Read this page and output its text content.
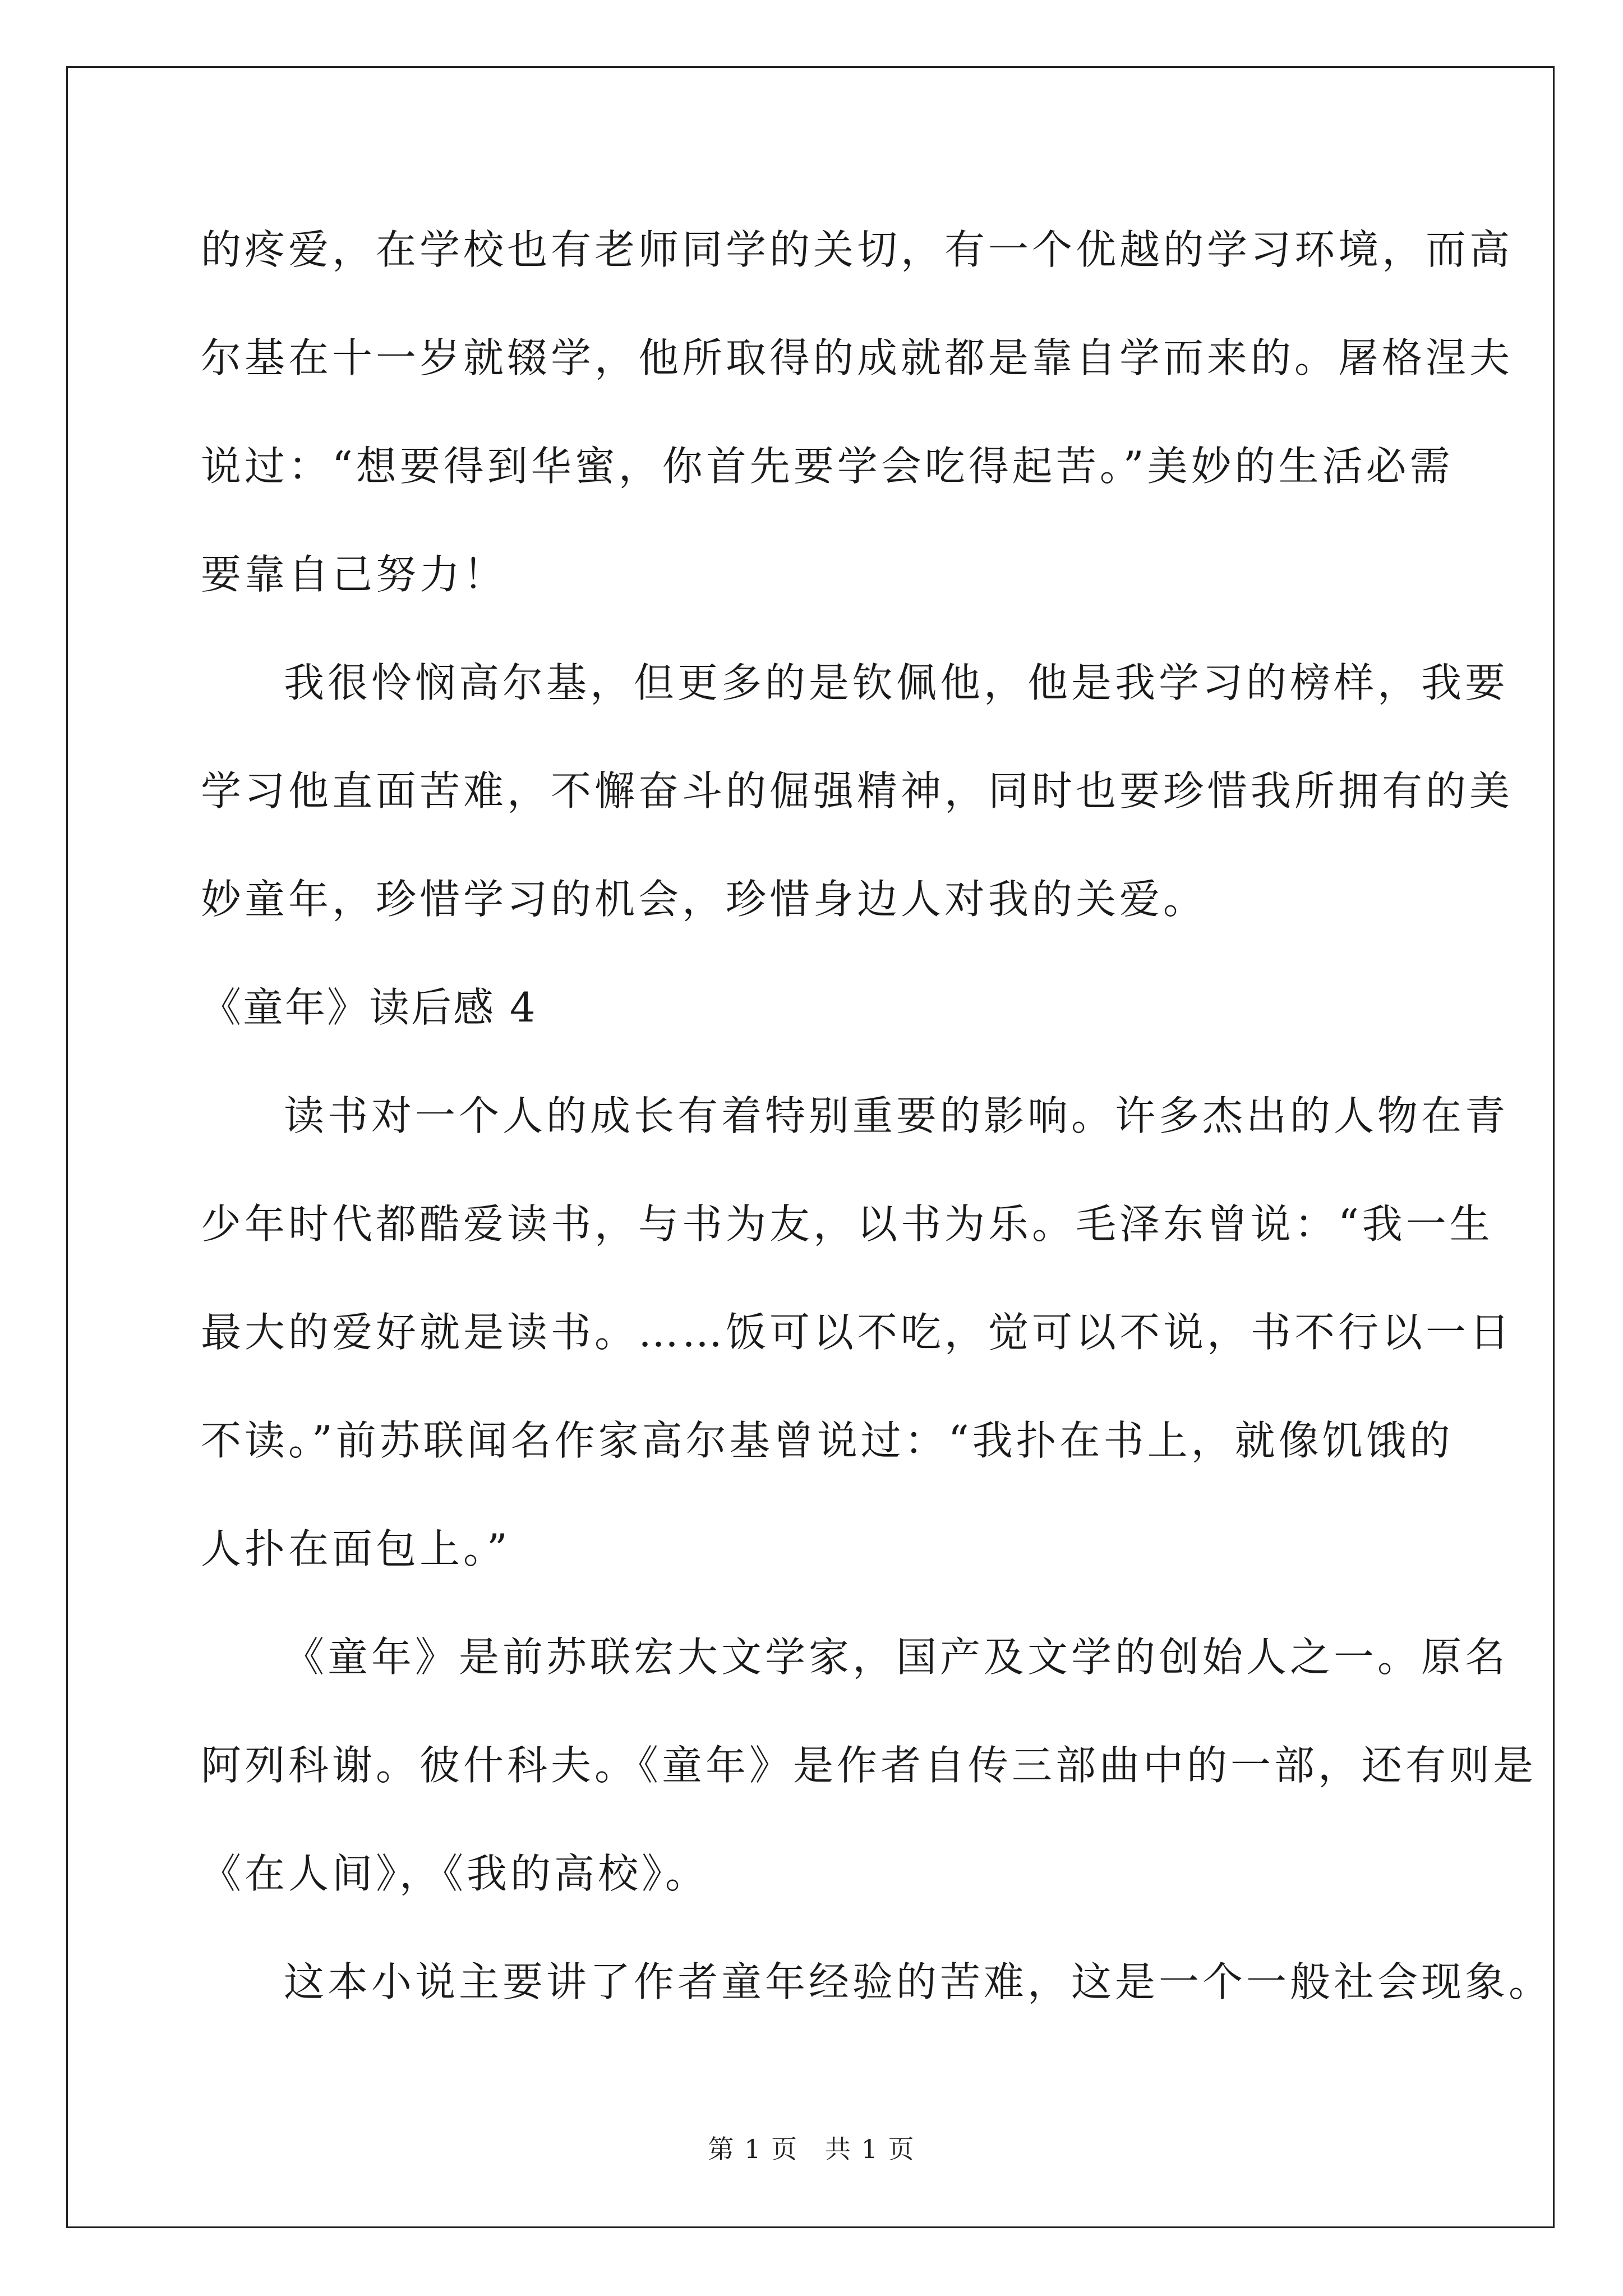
的疼爱，在学校也有老师同学的关切，有一个优越的学习环境，而高
尔基在十一岁就辍学，他所取得的成就都是靠自学而来的。屠格涅夫
说过：“想要得到华蜜，你首先要学会吃得起苦。”美妙的生活必需
要靠自己努力！
我很怜悯高尔基，但更多的是钦佩他，他是我学习的榜样，我要
学习他直面苦难，不懈奋斗的倔强精神，同时也要珍惜我所拥有的美
妙童年，珍惜学习的机会，珍惜身边人对我的关爱。
《童年》读后感 4
读书对一个人的成长有着特别重要的影响。许多杰出的人物在青
少年时代都酷爱读书，与书为友，以书为乐。毛泽东曾说：“我一生
最大的爱好就是读书。……饭可以不吃，觉可以不说，书不行以一日
不读。”前苏联闻名作家高尔基曾说过：“我扑在书上，就像饥饿的
人扑在面包上。”
《童年》是前苏联宏大文学家，国产及文学的创始人之一。原名
阿列科谢。彼什科夫。《童年》是作者自传三部曲中的一部，还有则是
《在人间》，《我的高校》。
这本小说主要讲了作者童年经验的苦难，这是一个一般社会现象。
第 1 页 共 1 页
